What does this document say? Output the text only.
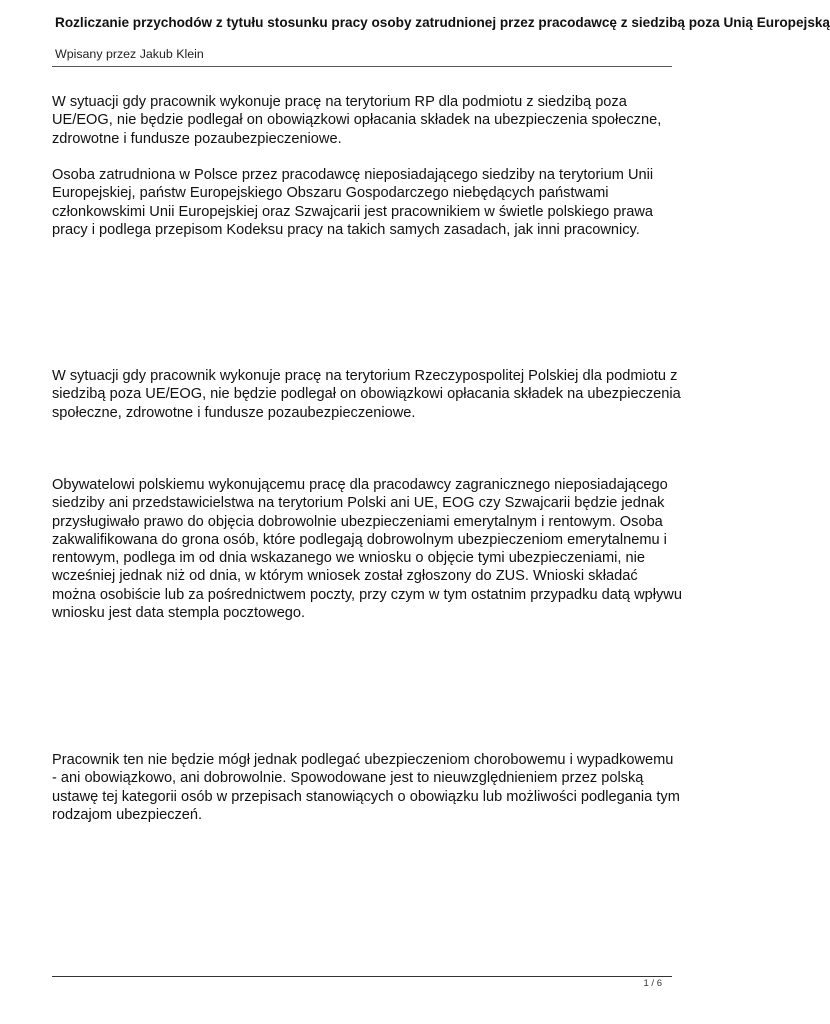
Rozliczanie przychodów z tytułu stosunku pracy osoby zatrudnionej przez pracodawcę z siedzibą poza Unią Europejską
Wpisany przez Jakub Klein

W sytuacji gdy pracownik wykonuje pracę na terytorium RP dla podmiotu z siedzibą poza UE/EOG, nie będzie podlegał on obowiązkowi opłacania składek na ubezpieczenia społeczne, zdrowotne i fundusze pozaubezpieczeniowe.

Osoba zatrudniona w Polsce przez pracodawcę nieposiadającego siedziby na terytorium Unii Europejskiej, państw Europejskiego Obszaru Gospodarczego niebędących państwami członkowskimi Unii Europejskiej oraz Szwajcarii jest pracownikiem w świetle polskiego prawa pracy i podlega przepisom Kodeksu pracy na takich samych zasadach, jak inni pracownicy.

W sytuacji gdy pracownik wykonuje pracę na terytorium Rzeczypospolitej Polskiej dla podmiotu z siedzibą poza UE/EOG, nie będzie podlegał on obowiązkowi opłacania składek na ubezpieczenia społeczne, zdrowotne i fundusze pozaubezpieczeniowe.

Obywatelowi polskiemu wykonującemu pracę dla pracodawcy zagranicznego nieposiadającego siedziby ani przedstawicielstwa na terytorium Polski ani UE, EOG czy Szwajcarii będzie jednak przysługiwało prawo do objęcia dobrowolnie ubezpieczeniami emerytalnym i rentowym. Osoba zakwalifikowana do grona osób, które podlegają dobrowolnym ubezpieczeniom emerytalnemu i rentowym, podlega im od dnia wskazanego we wniosku o objęcie tymi ubezpieczeniami, nie wcześniej jednak niż od dnia, w którym wniosek został zgłoszony do ZUS. Wnioski składać można osobiście lub za pośrednictwem poczty, przy czym w tym ostatnim przypadku datą wpływu wniosku jest data stempla pocztowego.

Pracownik ten nie będzie mógł jednak podlegać ubezpieczeniom chorobowemu i wypadkowemu - ani obowiązkowo, ani dobrowolnie. Spowodowane jest to nieuwzględnieniem przez polską ustawę tej kategorii osób w przepisach stanowiących o obowiązku lub możliwości podlegania tym rodzajom ubezpieczeń.

1 / 6
